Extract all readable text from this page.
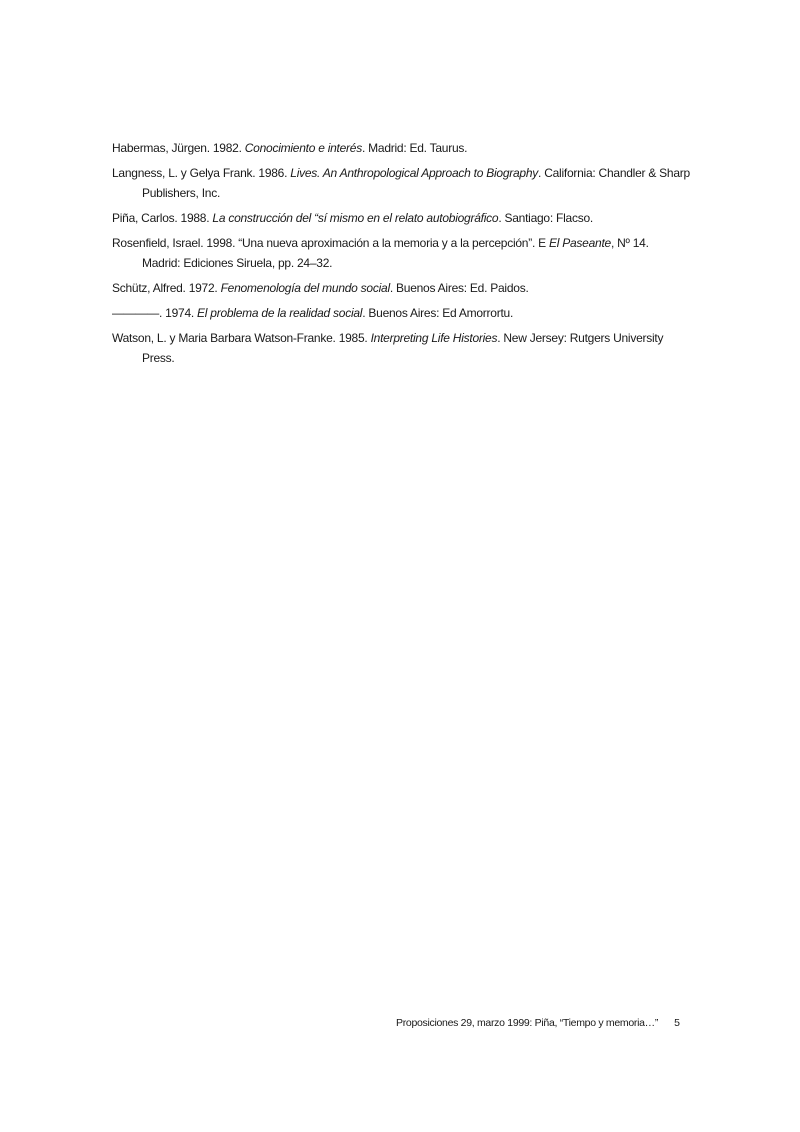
Habermas, Jürgen. 1982. Conocimiento e interés. Madrid: Ed. Taurus.
Langness, L. y Gelya Frank. 1986. Lives. An Anthropological Approach to Biography. California: Chandler & Sharp Publishers, Inc.
Piña, Carlos. 1988. La construcción del “sí mismo en el relato autobiográfico. Santiago: Flacso.
Rosenfield, Israel. 1998. “Una nueva aproximación a la memoria y a la percepción”. E El Paseante, Nº 14. Madrid: Ediciones Siruela, pp. 24–32.
Schütz, Alfred. 1972. Fenomenología del mundo social. Buenos Aires: Ed. Paidos.
————. 1974. El problema de la realidad social. Buenos Aires: Ed Amorrortu.
Watson, L. y Maria Barbara Watson-Franke. 1985. Interpreting Life Histories. New Jersey: Rutgers University Press.
Proposiciones 29, marzo 1999: Piña, “Tiempo y memoria…” 5
